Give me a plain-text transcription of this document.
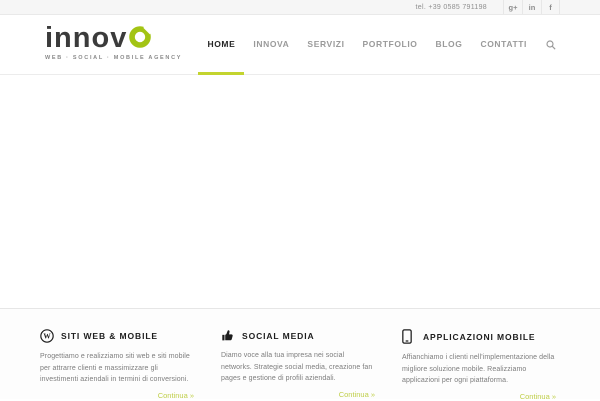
tel. +39 0585 791198	g+	in	f
innov
WEB · SOCIAL · MOBILE AGENCY
HOME	INNOVA	SERVIZI	PORTFOLIO	BLOG	CONTATTI
W SITI WEB & MOBILE
Progettiamo e realizziamo siti web e siti mobile per attrarre clienti e massimizzare gli investimenti aziendali in termini di conversioni.
Continua »
SOCIAL MEDIA
Diamo voce alla tua impresa nei social networks. Strategie social media, creazione fan pages e gestione di profili aziendali.
Continua »
APPLICAZIONI MOBILE
Affianchiamo i clienti nell'implementazione della migliore soluzione mobile. Realizziamo applicazioni per ogni piattaforma.
Continua »
